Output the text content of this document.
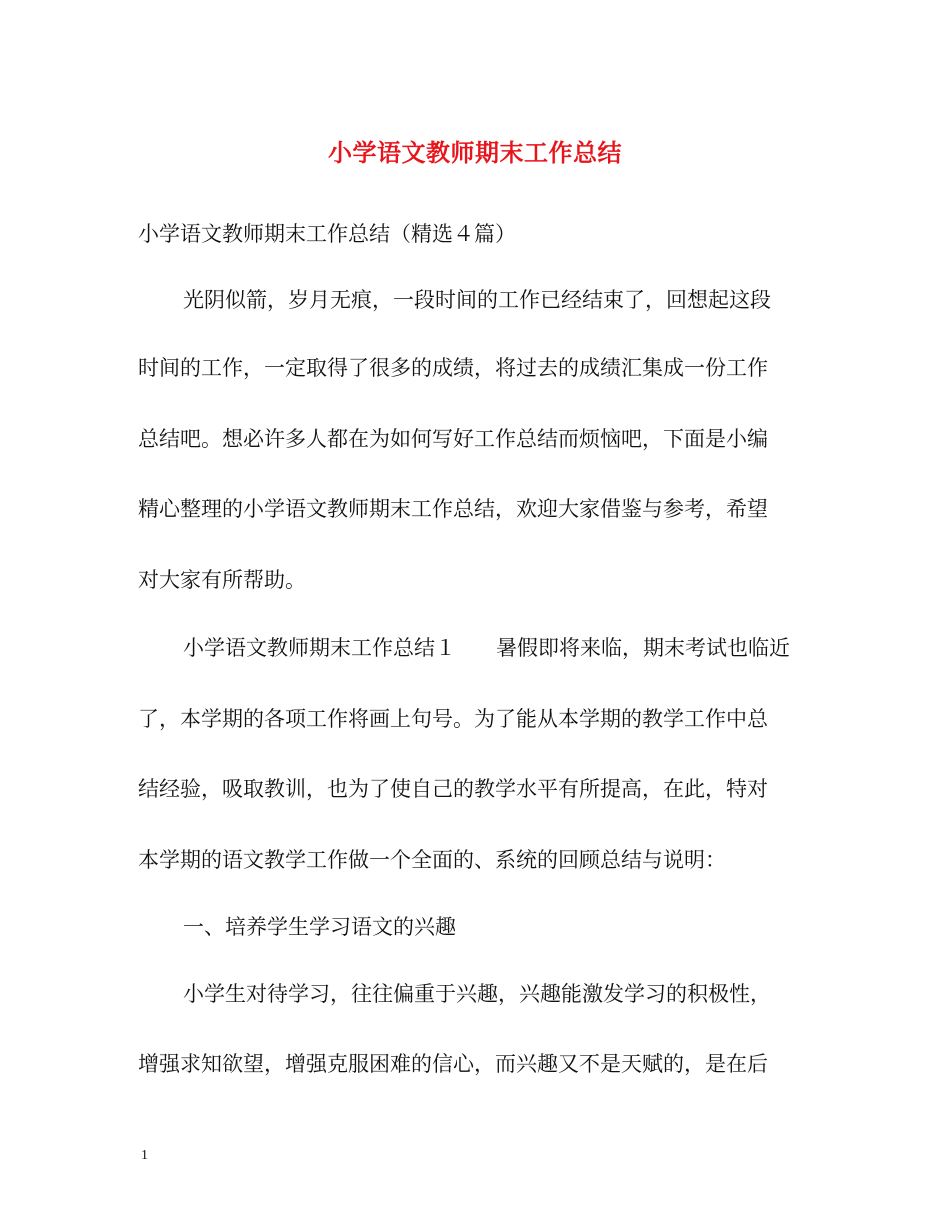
小学语文教师期末工作总结
小学语文教师期末工作总结（精选４篇）
光阴似箭，岁月无痕，一段时间的工作已经结束了，回想起这段
时间的工作，一定取得了很多的成绩，将过去的成绩汇集成一份工作
总结吧。想必许多人都在为如何写好工作总结而烦恼吧，下面是小编
精心整理的小学语文教师期末工作总结，欢迎大家借鉴与参考，希望
对大家有所帮助。
小学语文教师期末工作总结１ 暑假即将来临，期末考试也临近
了，本学期的各项工作将画上句号。为了能从本学期的教学工作中总
结经验，吸取教训，也为了使自己的教学水平有所提高，在此，特对
本学期的语文教学工作做一个全面的、系统的回顾总结与说明：
一、培养学生学习语文的兴趣
小学生对待学习，往往偏重于兴趣，兴趣能激发学习的积极性，
增强求知欲望，增强克服困难的信心，而兴趣又不是天赋的，是在后
1
